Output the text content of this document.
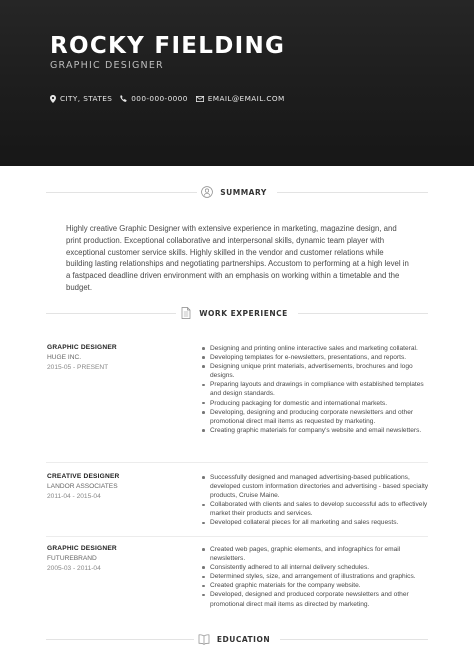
ROCKY FIELDING
GRAPHIC DESIGNER
CITY, STATES	000-000-0000	EMAIL@EMAIL.COM
SUMMARY
Highly creative Graphic Designer with extensive experience in marketing, magazine design, and print production. Exceptional collaborative and interpersonal skills, dynamic team player with exceptional customer service skills. Highly skilled in the vendor and customer relations while building lasting relationships and negotiating partnerships. Accustom to performing at a high level in a fastpaced deadline driven environment with an emphasis on working within a timetable and the budget.
WORK EXPERIENCE
GRAPHIC DESIGNER
HUGE INC.
2015-05 - PRESENT
Designing and printing online interactive sales and marketing collateral.
Developing templates for e-newsletters, presentations, and reports.
Designing unique print materials, advertisements, brochures and logo designs.
Preparing layouts and drawings in compliance with established templates and design standards.
Producing packaging for domestic and international markets.
Developing, designing and producing corporate newsletters and other promotional direct mail items as requested by marketing.
Creating graphic materials for company's website and email newsletters.
CREATIVE DESIGNER
LANDOR ASSOCIATES
2011-04 - 2015-04
Successfully designed and managed advertising-based publications, developed custom information directories and advertising - based specialty products, Cruise Maine.
Collaborated with clients and sales to develop successful ads to effectively market their products and services.
Developed collateral pieces for all marketing and sales requests.
GRAPHIC DESIGNER
FUTUREBRAND
2005-03 - 2011-04
Created web pages, graphic elements, and infographics for email newsletters.
Consistently adhered to all internal delivery schedules.
Determined styles, size, and arrangement of illustrations and graphics.
Created graphic materials for the company website.
Developed, designed and produced corporate newsletters and other promotional direct mail items as directed by marketing.
EDUCATION
